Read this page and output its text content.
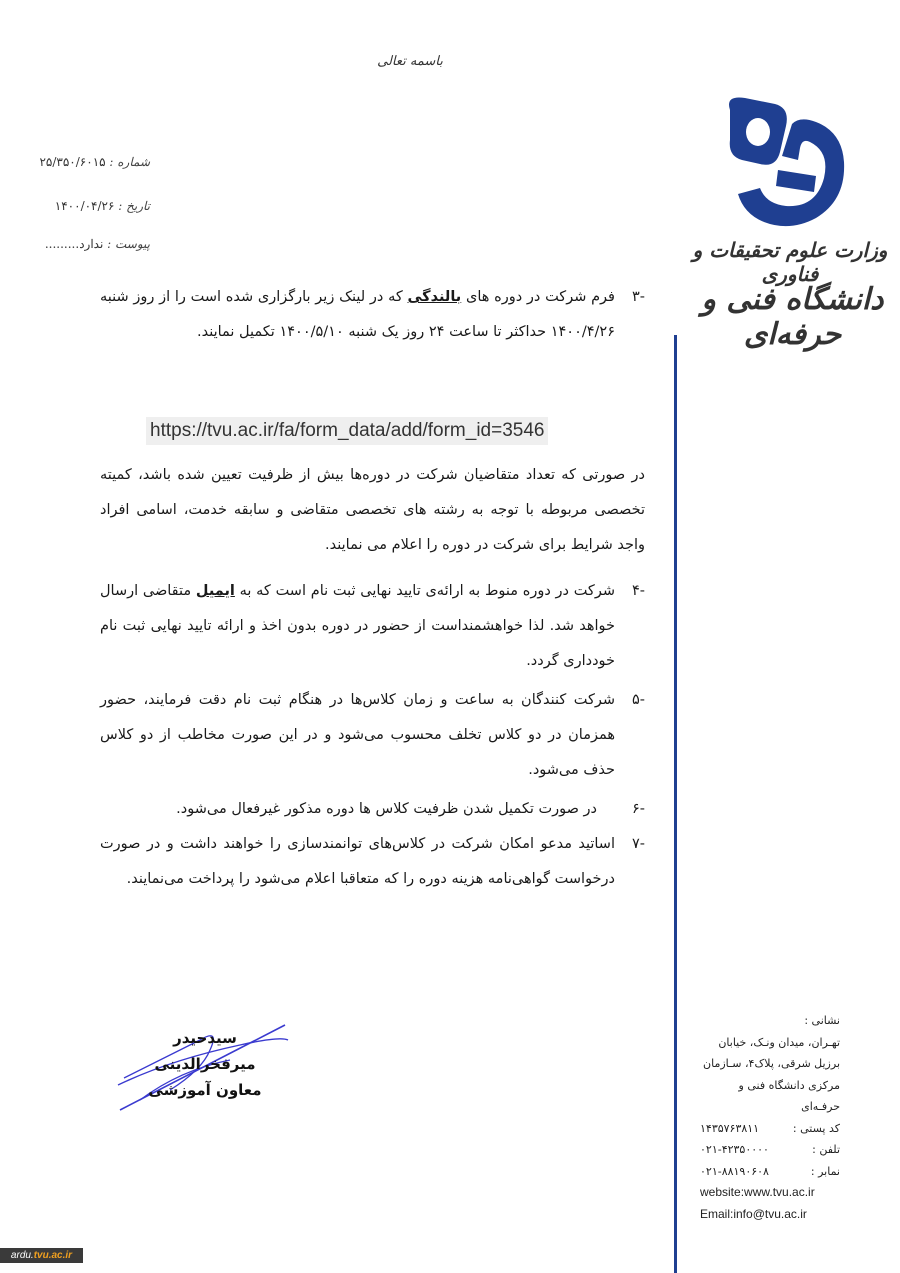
باسمه تعالی
شماره : ۲۵/۳۵۰/۶۰۱۵
تاریخ : ۱۴۰۰/۰۴/۲۶
پیوست : ندارد.........	وزارت علوم تحقیقات و فناوری
دانشگاه فنی و حرفه‌ای
-۳
فرم شرکت در دوره های بالندگی که در لینک زیر بارگزاری شده است را از روز شنبه ۱۴۰۰/۴/۲۶ حداکثر تا ساعت ۲۴ روز یک شنبه ۱۴۰۰/۵/۱۰ تکمیل نمایند.
https://tvu.ac.ir/fa/form_data/add/form_id=3546
در صورتی که تعداد متقاضیان شرکت در دوره‌ها بیش از ظرفیت تعیین شده باشد، کمیته تخصصی مربوطه با توجه به رشته های تخصصی متقاضی و سابقه خدمت، اسامی افراد واجد شرایط برای شرکت در دوره را اعلام می نمایند.
-۴
شرکت در دوره منوط به ارائه‌ی تایید نهایی ثبت نام است که به ایمیل متقاضی ارسال خواهد شد. لذا خواهشمنداست از حضور در دوره بدون اخذ و ارائه تایید نهایی ثبت نام خودداری گردد.
-۵
شرکت کنندگان به ساعت و زمان کلاس‌ها در هنگام ثبت نام دقت فرمایند، حضور همزمان در دو کلاس تخلف محسوب می‌شود و در این صورت مخاطب از دو کلاس حذف می‌شود.
-۶
در صورت تکمیل شدن ظرفیت کلاس ها دوره مذکور غیرفعال می‌شود.
-۷
اساتید مدعو امکان شرکت در کلاس‌های توانمندسازی را خواهند داشت و در صورت درخواست گواهی‌نامه هزینه دوره را که متعاقبا اعلام می‌شود را پرداخت می‌نمایند.
سیدحیدر میرفخرالدینی
معاون آموزشی
نشانی :
تهـران، میدان ونـک، خیابان
برزیل شرقی، پلاک۴، سـازمان
مرکزی دانشگاه فنی و حرفـه‌ای
کد پستی :
۱۴۳۵۷۶۳۸۱۱
تلفن :
۰۲۱-۴۲۳۵۰۰۰۰
نمابر :
۰۲۱-۸۸۱۹۰۶۰۸
website:www.tvu.ac.ir
Email:info@tvu.ac.ir
ardu.tvu.ac.ir
